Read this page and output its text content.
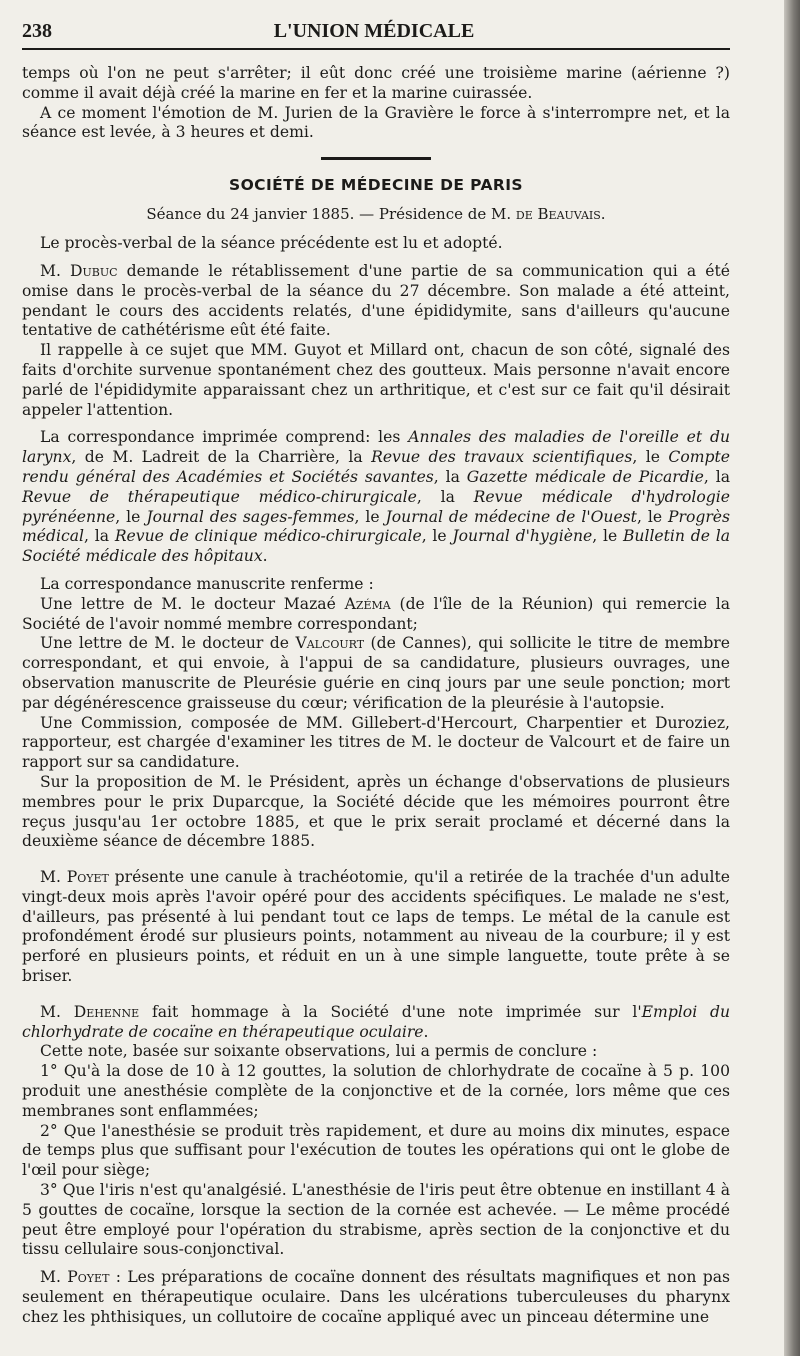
238	L'UNION MÉDICALE

temps où l'on ne peut s'arrêter; il eût donc créé une troisième marine (aérienne ?) comme il avait déjà créé la marine en fer et la marine cuirassée.

A ce moment l'émotion de M. Jurien de la Gravière le force à s'interrompre net, et la séance est levée, à 3 heures et demi.

SOCIÉTÉ DE MÉDECINE DE PARIS
Séance du 24 janvier 1885. — Présidence de M. de Beauvais.

Le procès-verbal de la séance précédente est lu et adopté.

M. Dubuc demande le rétablissement d'une partie de sa communication qui a été omise dans le procès-verbal de la séance du 27 décembre. Son malade a été atteint, pendant le cours des accidents relatés, d'une épididymite, sans d'ailleurs qu'aucune tentative de cathétérisme eût été faite.

Il rappelle à ce sujet que MM. Guyot et Millard ont, chacun de son côté, signalé des faits d'orchite survenue spontanément chez des goutteux. Mais personne n'avait encore parlé de l'épididymite apparaissant chez un arthritique, et c'est sur ce fait qu'il désirait appeler l'attention.

La correspondance imprimée comprend: les Annales des maladies de l'oreille et du larynx, de M. Ladreit de la Charrière, la Revue des travaux scientifiques, le Compte rendu général des Académies et Sociétés savantes, la Gazette médicale de Picardie, la Revue de thérapeutique médico-chirurgicale, la Revue médicale d'hydrologie pyrénéenne, le Journal des sages-femmes, le Journal de médecine de l'Ouest, le Progrès médical, la Revue de clinique médico-chirurgicale, le Journal d'hygiène, le Bulletin de la Société médicale des hôpitaux.

La correspondance manuscrite renferme :

Une lettre de M. le docteur Mazaé Azéma (de l'île de la Réunion) qui remercie la Société de l'avoir nommé membre correspondant;

Une lettre de M. le docteur de Valcourt (de Cannes), qui sollicite le titre de membre correspondant, et qui envoie, à l'appui de sa candidature, plusieurs ouvrages, une observation manuscrite de Pleurésie guérie en cinq jours par une seule ponction; mort par dégénérescence graisseuse du cœur; vérification de la pleurésie à l'autopsie.

Une Commission, composée de MM. Gillebert-d'Hercourt, Charpentier et Duroziez, rapporteur, est chargée d'examiner les titres de M. le docteur de Valcourt et de faire un rapport sur sa candidature.

Sur la proposition de M. le Président, après un échange d'observations de plusieurs membres pour le prix Duparcque, la Société décide que les mémoires pourront être reçus jusqu'au 1er octobre 1885, et que le prix serait proclamé et décerné dans la deuxième séance de décembre 1885.

M. Poyet présente une canule à trachéotomie, qu'il a retirée de la trachée d'un adulte vingt-deux mois après l'avoir opéré pour des accidents spécifiques. Le malade ne s'est, d'ailleurs, pas présenté à lui pendant tout ce laps de temps. Le métal de la canule est profondément érodé sur plusieurs points, notamment au niveau de la courbure; il y est perforé en plusieurs points, et réduit en un à une simple languette, toute prête à se briser.

M. Dehenne fait hommage à la Société d'une note imprimée sur l'Emploi du chlorhydrate de cocaïne en thérapeutique oculaire.

Cette note, basée sur soixante observations, lui a permis de conclure :

1° Qu'à la dose de 10 à 12 gouttes, la solution de chlorhydrate de cocaïne à 5 p. 100 produit une anesthésie complète de la conjonctive et de la cornée, lors même que ces membranes sont enflammées;

2° Que l'anesthésie se produit très rapidement, et dure au moins dix minutes, espace de temps plus que suffisant pour l'exécution de toutes les opérations qui ont le globe de l'œil pour siège;

3° Que l'iris n'est qu'analgésié. L'anesthésie de l'iris peut être obtenue en instillant 4 à 5 gouttes de cocaïne, lorsque la section de la cornée est achevée. — Le même procédé peut être employé pour l'opération du strabisme, après section de la conjonctive et du tissu cellulaire sous-conjonctival.

M. Poyet : Les préparations de cocaïne donnent des résultats magnifiques et non pas seulement en thérapeutique oculaire. Dans les ulcérations tuberculeuses du pharynx chez les phthisiques, un collutoire de cocaïne appliqué avec un pinceau détermine une
